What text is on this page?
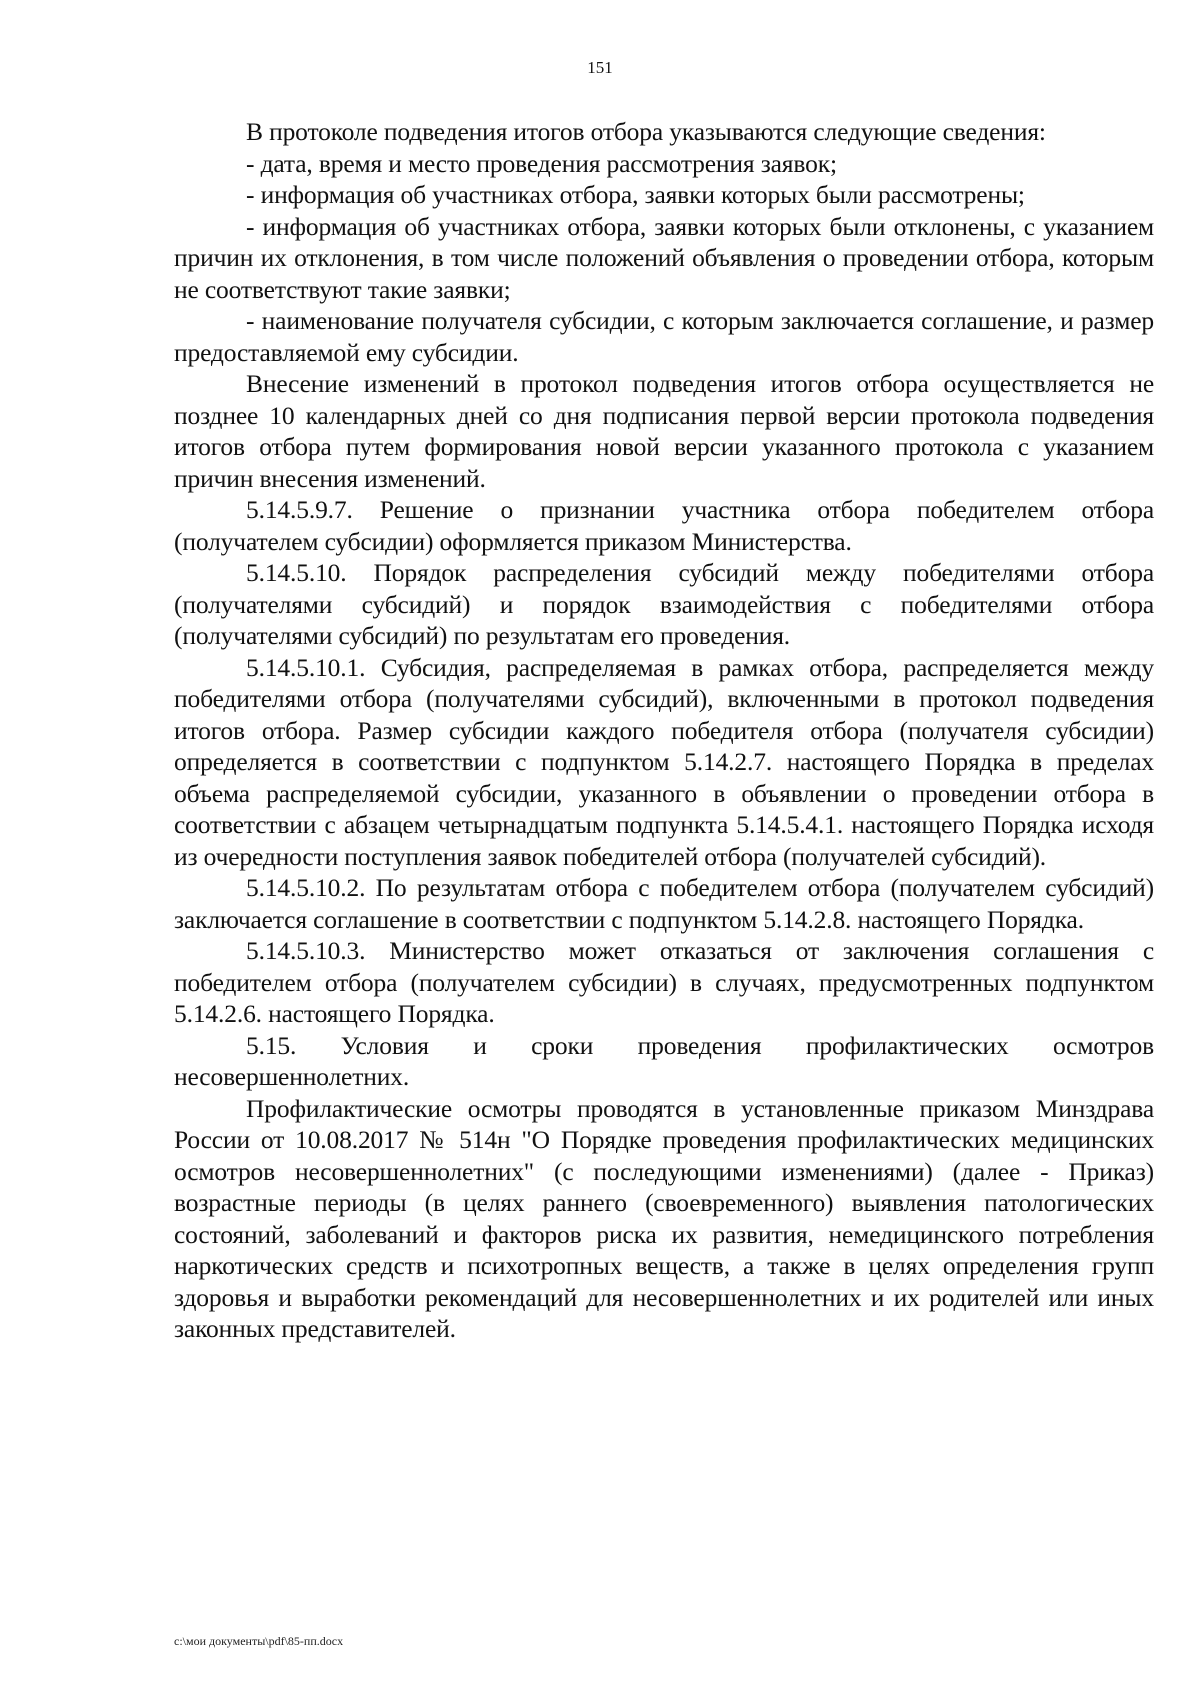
151

В протоколе подведения итогов отбора указываются следующие сведения:

- дата, время и место проведения рассмотрения заявок;

- информация об участниках отбора, заявки которых были рассмотрены;

- информация об участниках отбора, заявки которых были отклонены, с указанием причин их отклонения, в том числе положений объявления о проведении отбора, которым не соответствуют такие заявки;

- наименование получателя субсидии, с которым заключается соглашение, и размер предоставляемой ему субсидии.

Внесение изменений в протокол подведения итогов отбора осуществляется не позднее 10 календарных дней со дня подписания первой версии протокола подведения итогов отбора путем формирования новой версии указанного протокола с указанием причин внесения изменений.

5.14.5.9.7. Решение о признании участника отбора победителем отбора (получателем субсидии) оформляется приказом Министерства.

5.14.5.10. Порядок распределения субсидий между победителями отбора (получателями субсидий) и порядок взаимодействия с победителями отбора (получателями субсидий) по результатам его проведения.

5.14.5.10.1. Субсидия, распределяемая в рамках отбора, распределяется между победителями отбора (получателями субсидий), включенными в протокол подведения итогов отбора. Размер субсидии каждого победителя отбора (получателя субсидии) определяется в соответствии с подпунктом 5.14.2.7. настоящего Порядка в пределах объема распределяемой субсидии, указанного в объявлении о проведении отбора в соответствии с абзацем четырнадцатым подпункта 5.14.5.4.1. настоящего Порядка исходя из очередности поступления заявок победителей отбора (получателей субсидий).

5.14.5.10.2. По результатам отбора с победителем отбора (получателем субсидий) заключается соглашение в соответствии с подпунктом 5.14.2.8. настоящего Порядка.

5.14.5.10.3. Министерство может отказаться от заключения соглашения с победителем отбора (получателем субсидии) в случаях, предусмотренных подпунктом 5.14.2.6. настоящего Порядка.

5.15. Условия и сроки проведения профилактических осмотров несовершеннолетних.

Профилактические осмотры проводятся в установленные приказом Минздрава России от 10.08.2017 № 514н "О Порядке проведения профилактических медицинских осмотров несовершеннолетних" (с последующими изменениями) (далее - Приказ) возрастные периоды (в целях раннего (своевременного) выявления патологических состояний, заболеваний и факторов риска их развития, немедицинского потребления наркотических средств и психотропных веществ, а также в целях определения групп здоровья и выработки рекомендаций для несовершеннолетних и их родителей или иных законных представителей.

c:\мои документы\pdf\85-пп.docx
